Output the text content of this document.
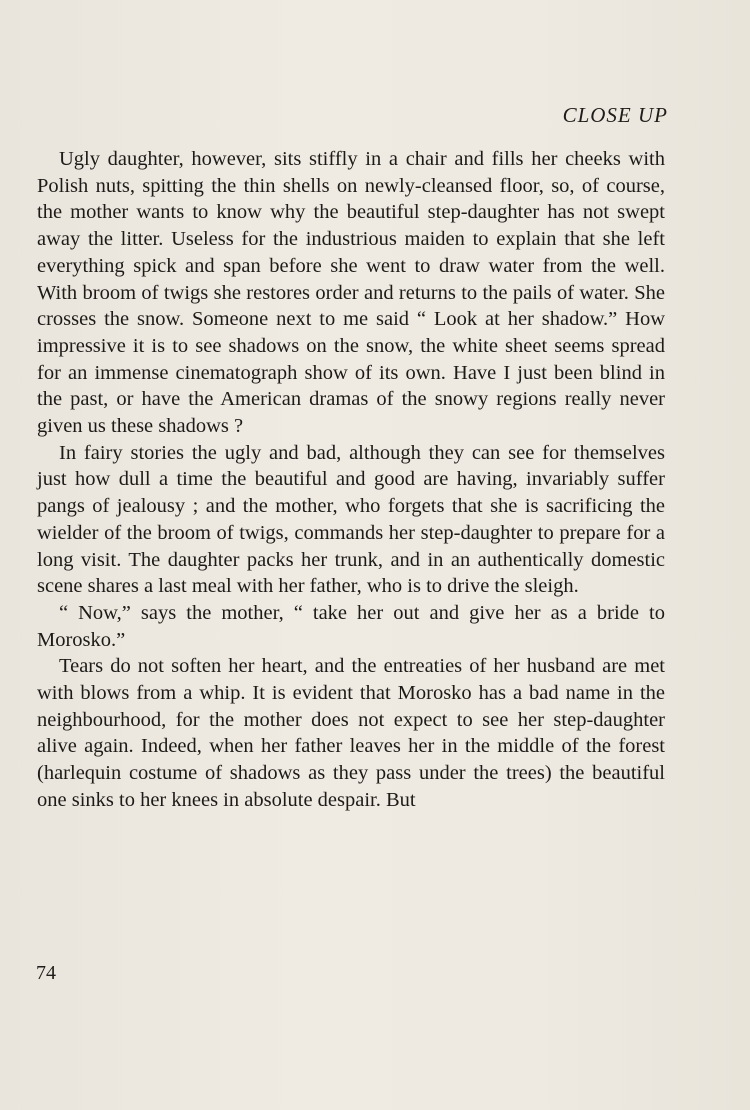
CLOSE UP

Ugly daughter, however, sits stiffly in a chair and fills her cheeks with Polish nuts, spitting the thin shells on newly-cleansed floor, so, of course, the mother wants to know why the beautiful step-daughter has not swept away the litter. Useless for the industrious maiden to explain that she left everything spick and span before she went to draw water from the well. With broom of twigs she restores order and returns to the pails of water. She crosses the snow. Someone next to me said “ Look at her shadow.” How impressive it is to see shadows on the snow, the white sheet seems spread for an immense cinematograph show of its own. Have I just been blind in the past, or have the American dramas of the snowy regions really never given us these shadows ?

In fairy stories the ugly and bad, although they can see for themselves just how dull a time the beautiful and good are having, invariably suffer pangs of jealousy ; and the mother, who forgets that she is sacrificing the wielder of the broom of twigs, commands her step-daughter to prepare for a long visit. The daughter packs her trunk, and in an authentically domestic scene shares a last meal with her father, who is to drive the sleigh.

“ Now,” says the mother, “ take her out and give her as a bride to Morosko.”

Tears do not soften her heart, and the entreaties of her husband are met with blows from a whip. It is evident that Morosko has a bad name in the neighbourhood, for the mother does not expect to see her step-daughter alive again. Indeed, when her father leaves her in the middle of the forest (harlequin costume of shadows as they pass under the trees) the beautiful one sinks to her knees in absolute despair. But

74
